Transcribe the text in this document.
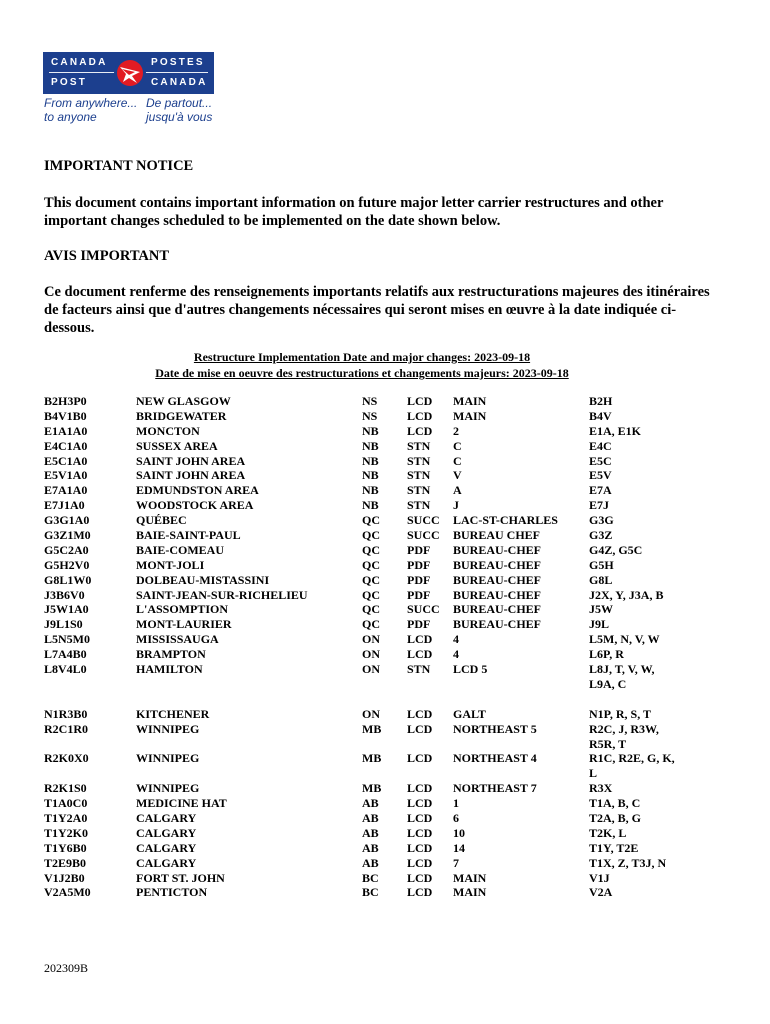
CANADA
POST
POSTES
CANADA
From anywhere...
to anyone
De partout...
jusqu'à vous

IMPORTANT NOTICE

This document contains important information on future major letter carrier restructures and other important changes scheduled to be implemented on the date shown below.

AVIS IMPORTANT

Ce document renferme des renseignements importants relatifs aux restructurations majeures des itinéraires de facteurs ainsi que d'autres changements nécessaires qui seront mises en œuvre à la date indiquée ci-dessous.

Restructure Implementation Date and major changes: 2023-09-18
Date de mise en oeuvre des restructurations et changements majeurs: 2023-09-18
B2H3P0	NEW GLASGOW	NS LCD MAIN	B2H
B4V1B0	BRIDGEWATER	NS LCD MAIN	B4V
E1A1A0	MONCTON	NB LCD 2	E1A, E1K
E4C1A0	SUSSEX AREA	NB STN C	E4C
E5C1A0	SAINT JOHN AREA	NB STN C	E5C
E5V1A0	SAINT JOHN AREA	NB STN V	E5V
E7A1A0	EDMUNDSTON AREA	NB STN A	E7A
E7J1A0	WOODSTOCK AREA	NB STN J	E7J
G3G1A0	QUÉBEC	QC SUCC LAC-ST-CHARLES	G3G
G3Z1M0	BAIE-SAINT-PAUL	QC SUCC BUREAU CHEF	G3Z
G5C2A0	BAIE-COMEAU	QC PDF BUREAU-CHEF	G4Z, G5C
G5H2V0	MONT-JOLI	QC PDF BUREAU-CHEF	G5H
G8L1W0	DOLBEAU-MISTASSINI	QC PDF BUREAU-CHEF	G8L
J3B6V0	SAINT-JEAN-SUR-RICHELIEU	QC PDF BUREAU-CHEF	J2X, Y, J3A, B
J5W1A0	L'ASSOMPTION	QC SUCC BUREAU-CHEF	J5W
J9L1S0	MONT-LAURIER	QC PDF BUREAU-CHEF	J9L
L5N5M0	MISSISSAUGA	ON LCD 4	L5M, N, V, W
L7A4B0	BRAMPTON	ON LCD 4	L6P, R
L8V4L0	HAMILTON	ON STN LCD 5	L8J, T, V, W,
L9A, C
N1R3B0	KITCHENER	ON LCD GALT	N1P, R, S, T
R2C1R0	WINNIPEG	MB LCD NORTHEAST 5	R2C, J, R3W,
R5R, T
R2K0X0	WINNIPEG	MB LCD NORTHEAST 4	R1C, R2E, G, K,
L
R2K1S0	WINNIPEG	MB LCD NORTHEAST 7	R3X
T1A0C0	MEDICINE HAT	AB LCD 1	T1A, B, C
T1Y2A0	CALGARY	AB LCD 6	T2A, B, G
T1Y2K0	CALGARY	AB LCD 10	T2K, L
T1Y6B0	CALGARY	AB LCD 14	T1Y, T2E
T2E9B0	CALGARY	AB LCD 7	T1X, Z, T3J, N
V1J2B0	FORT ST. JOHN	BC LCD MAIN	V1J
V2A5M0	PENTICTON	BC LCD MAIN	V2A
202309B
